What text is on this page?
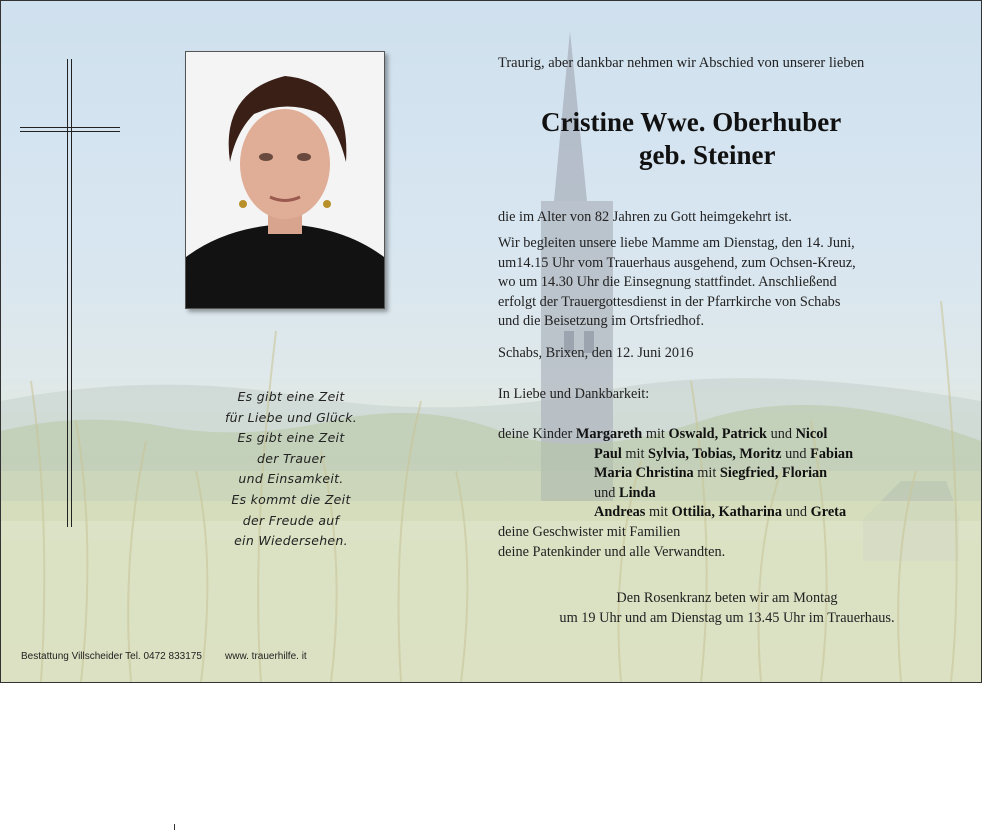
Es gibt eine Zeit
für Liebe und Glück.
Es gibt eine Zeit
der Trauer
und Einsamkeit.
Es kommt die Zeit
der Freude auf
ein Wiedersehen.
Traurig, aber dankbar nehmen wir Abschied von unserer lieben
Cristine Wwe. Oberhuber
geb. Steiner
die im Alter von 82 Jahren zu Gott heimgekehrt ist.
Wir begleiten unsere liebe Mamme am Dienstag, den 14. Juni,
um14.15 Uhr vom Trauerhaus ausgehend, zum Ochsen-Kreuz,
wo um 14.30 Uhr die Einsegnung stattfindet. Anschließend
erfolgt der Trauergottesdienst in der Pfarrkirche von Schabs
und die Beisetzung im Ortsfriedhof.
Schabs, Brixen, den 12. Juni 2016
In Liebe und Dankbarkeit:
deine Kinder Margareth mit Oswald, Patrick und Nicol
Paul mit Sylvia, Tobias, Moritz und Fabian
Maria Christina mit Siegfried, Florian
und Linda
Andreas mit Ottilia, Katharina und Greta
deine Geschwister mit Familien
deine Patenkinder und alle Verwandten.
Den Rosenkranz beten wir am Montag
um 19 Uhr und am Dienstag um 13.45 Uhr im Trauerhaus.
Bestattung Villscheider Tel. 0472 833175 www. trauerhilfe. it
